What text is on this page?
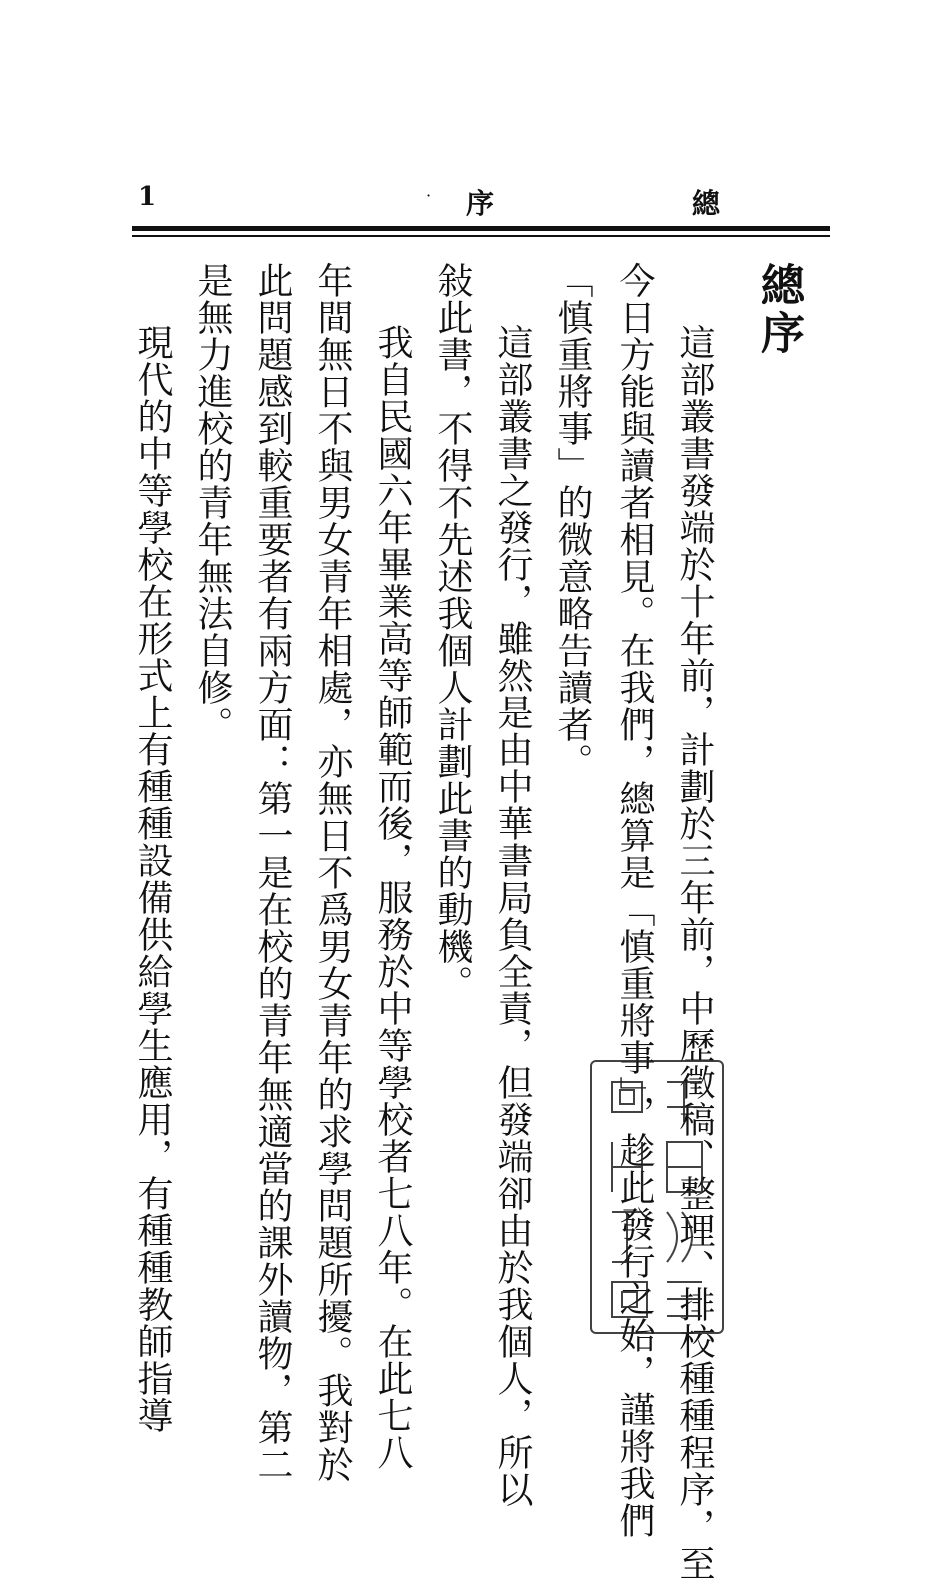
1	· 序	總
總序
這部叢書發端於十年前，計劃於三年前，中歷徵稿、整理、排校種種程序，至
今日方能與讀者相見。在我們，總算是「慎重將事」，趁此發行之始，謹將我們
「慎重將事」的微意略告讀者。
這部叢書之發行，雖然是由中華書局負全責，但發端卻由於我個人，所以
敍此書，不得不先述我個人計劃此書的動機。
我自民國六年畢業高等師範而後，服務於中等學校者七八年。在此七八
年間無日不與男女青年相處，亦無日不爲男女青年的求學問題所擾。我對於
此問題感到較重要者有兩方面：第一是在校的青年無適當的課外讀物，第二
是無力進校的青年無法自修。
現代的中等學校在形式上有種種設備供給學生應用，有種種教師指導
